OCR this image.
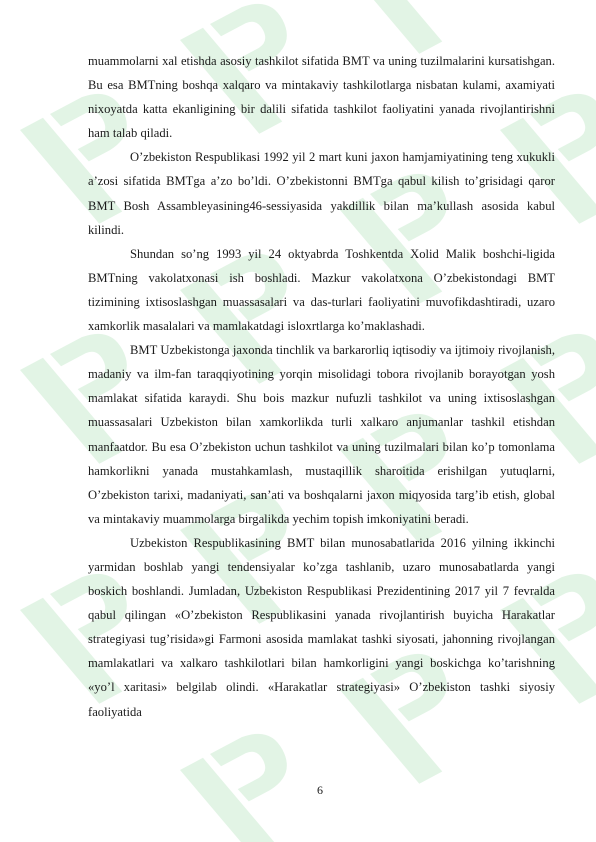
muammolarni xal etishda asosiy tashkilot sifatida BMT va uning tuzilmalarini kursatishgan. Bu esa BMTning boshqa xalqaro va mintakaviy tashkilotlarga nisbatan kulami, axamiyati nixoyatda katta ekanligining bir dalili sifatida tashkilot faoliyatini yanada rivojlantirishni ham talab qiladi.

O’zbekiston Respublikasi 1992 yil 2 mart kuni jaxon hamjamiyatining teng xukukli a’zosi sifatida BMTga a’zo bo’ldi. O’zbekistonni BMTga qabul kilish to’grisidagi qaror BMT Bosh Assambleyasining46-sessiyasida yakdillik bilan ma’kullash asosida kabul kilindi.

Shundan so’ng 1993 yil 24 oktyabrda Toshkentda Xolid Malik boshchi-ligida BMTning vakolatxonasi ish boshladi. Mazkur vakolatxona O’zbekistondagi BMT tizimining ixtisoslashgan muassasalari va das-turlari faoliyatini muvofikdashtiradi, uzaro xamkorlik masalalari va mamlakatdagi isloxrtlarga ko’maklashadi.

BMT Uzbekistonga jaxonda tinchlik va barkarorliq iqtisodiy va ijtimoiy rivojlanish, madaniy va ilm-fan taraqqiyotining yorqin misolidagi tobora rivojlanib borayotgan yosh mamlakat sifatida karaydi. Shu bois mazkur nufuzli tashkilot va uning ixtisoslashgan muassasalari Uzbekiston bilan xamkorlikda turli xalkaro anjumanlar tashkil etishdan manfaatdor. Bu esa O’zbekiston uchun tashkilot va uning tuzilmalari bilan ko’p tomonlama hamkorlikni yanada mustahkamlash, mustaqillik sharoitida erishilgan yutuqlarni, O’zbekiston tarixi, madaniyati, san’ati va boshqalarni jaxon miqyosida targ’ib etish, global va mintakaviy muammolarga birgalikda yechim topish imkoniyatini beradi.

Uzbekiston Respublikasining BMT bilan munosabatlarida 2016 yilning ikkinchi yarmidan boshlab yangi tendensiyalar ko’zga tashlanib, uzaro munosabatlarda yangi boskich boshlandi. Jumladan, Uzbekiston Respublikasi Prezidentining 2017 yil 7 fevralda qabul qilingan «O’zbekiston Respublikasini yanada rivojlantirish buyicha Harakatlar strategiyasi tug’risida»gi Farmoni asosida mamlakat tashki siyosati, jahonning rivojlangan mamlakatlari va xalkaro tashkilotlari bilan hamkorligini yangi boskichga ko’tarishning «yo’l xaritasi» belgilab olindi. «Harakatlar strategiyasi» O’zbekiston tashki siyosiy faoliyatida

6
